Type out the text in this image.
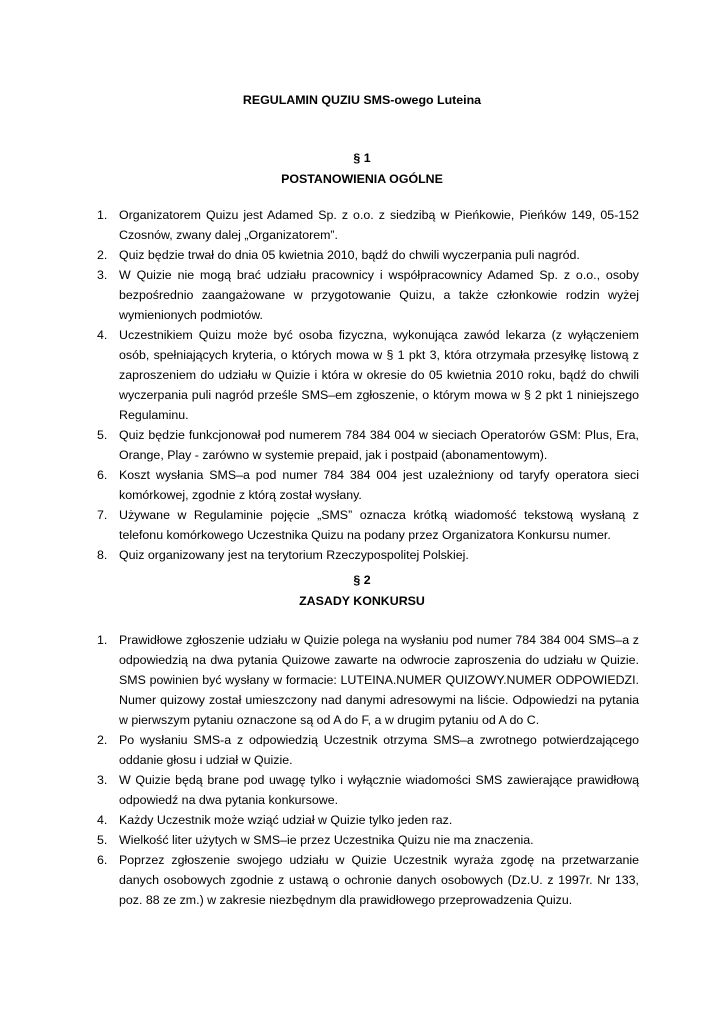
REGULAMIN QUZIU SMS-owego Luteina
§ 1
POSTANOWIENIA OGÓLNE
1. Organizatorem Quizu jest Adamed Sp. z o.o. z siedzibą w Pieńkowie, Pieńków 149, 05-152 Czosnów, zwany dalej „Organizatorem”.
2. Quiz będzie trwał do dnia 05 kwietnia 2010, bądź do chwili wyczerpania puli nagród.
3. W Quizie nie mogą brać udziału pracownicy i współpracownicy Adamed Sp. z o.o., osoby bezpośrednio zaangażowane w przygotowanie Quizu, a także członkowie rodzin wyżej wymienionych podmiotów.
4. Uczestnikiem Quizu może być osoba fizyczna, wykonująca zawód lekarza (z wyłączeniem osób, spełniających kryteria, o których mowa w § 1 pkt 3, która otrzymała przesyłkę listową z zaproszeniem do udziału w Quizie i która w okresie do 05 kwietnia 2010 roku, bądź do chwili wyczerpania puli nagród prześle SMS–em zgłoszenie, o którym mowa w § 2 pkt 1 niniejszego Regulaminu.
5. Quiz będzie funkcjonował pod numerem 784 384 004 w sieciach Operatorów GSM: Plus, Era, Orange, Play - zarówno w systemie prepaid, jak i postpaid (abonamentowym).
6. Koszt wysłania SMS–a pod numer 784 384 004 jest uzależniony od taryfy operatora sieci komórkowej, zgodnie z którą został wysłany.
7. Używane w Regulaminie pojęcie „SMS” oznacza krótką wiadomość tekstową wysłaną z telefonu komórkowego Uczestnika Quizu na podany przez Organizatora Konkursu numer.
8. Quiz organizowany jest na terytorium Rzeczypospolitej Polskiej.
§ 2
ZASADY KONKURSU
1. Prawidłowe zgłoszenie udziału w Quizie polega na wysłaniu pod numer 784 384 004 SMS–a z odpowiedzią na dwa pytania Quizowe zawarte na odwrocie zaproszenia do udziału w Quizie. SMS powinien być wysłany w formacie: LUTEINA.NUMER QUIZOWY.NUMER ODPOWIEDZI. Numer quizowy został umieszczony nad danymi adresowymi na liście. Odpowiedzi na pytania w pierwszym pytaniu oznaczone są od A do F, a w drugim pytaniu od A do C.
2. Po wysłaniu SMS-a z odpowiedzią Uczestnik otrzyma SMS–a zwrotnego potwierdzającego oddanie głosu i udział w Quizie.
3. W Quizie będą brane pod uwagę tylko i wyłącznie wiadomości SMS zawierające prawidłową odpowiedź na dwa pytania konkursowe.
4. Każdy Uczestnik może wziąć udział w Quizie tylko jeden raz.
5. Wielkość liter użytych w SMS–ie przez Uczestnika Quizu nie ma znaczenia.
6. Poprzez zgłoszenie swojego udziału w Quizie Uczestnik wyraża zgodę na przetwarzanie danych osobowych zgodnie z ustawą o ochronie danych osobowych (Dz.U. z 1997r. Nr 133, poz. 88 ze zm.) w zakresie niezbędnym dla prawidłowego przeprowadzenia Quizu.
